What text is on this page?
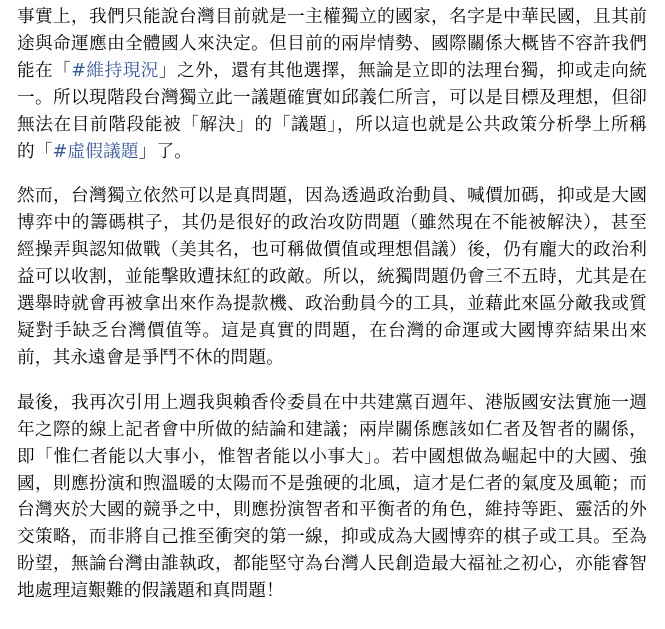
事實上，我們只能說台灣目前就是一主權獨立的國家，名字是中華民國，且其前途與命運應由全體國人來決定。但目前的兩岸情勢、國際關係大概皆不容許我們能在「#維持現況」之外，還有其他選擇，無論是立即的法理台獨，抑或走向統一。所以現階段台灣獨立此一議題確實如邱義仁所言，可以是目標及理想，但卻無法在目前階段能被「解決」的「議題」，所以這也就是公共政策分析學上所稱的「#虛假議題」了。

然而，台灣獨立依然可以是真問題，因為透過政治動員、喊價加碼，抑或是大國博弈中的籌碼棋子，其仍是很好的政治攻防問題（雖然現在不能被解決），甚至經操弄與認知做戰（美其名，也可稱做價值或理想倡議）後，仍有龐大的政治利益可以收割，並能擊敗遭抹紅的政敵。所以，統獨問題仍會三不五時，尤其是在選舉時就會再被拿出來作為提款機、政治動員今的工具，並藉此來區分敵我或質疑對手缺乏台灣價值等。這是真實的問題，在台灣的命運或大國博弈結果出來前，其永遠會是爭鬥不休的問題。

最後，我再次引用上週我與賴香伶委員在中共建黨百週年、港版國安法實施一週年之際的線上記者會中所做的結論和建議；兩岸關係應該如仁者及智者的關係，即「惟仁者能以大事小，惟智者能以小事大」。若中國想做為崛起中的大國、強國，則應扮演和煦溫暖的太陽而不是強硬的北風，這才是仁者的氣度及風範；而台灣夾於大國的競爭之中，則應扮演智者和平衡者的角色，維持等距、靈活的外交策略，而非將自己推至衝突的第一線，抑或成為大國博弈的棋子或工具。至為盼望，無論台灣由誰執政，都能堅守為台灣人民創造最大福祉之初心，亦能睿智地處理這艱難的假議題和真問題！
